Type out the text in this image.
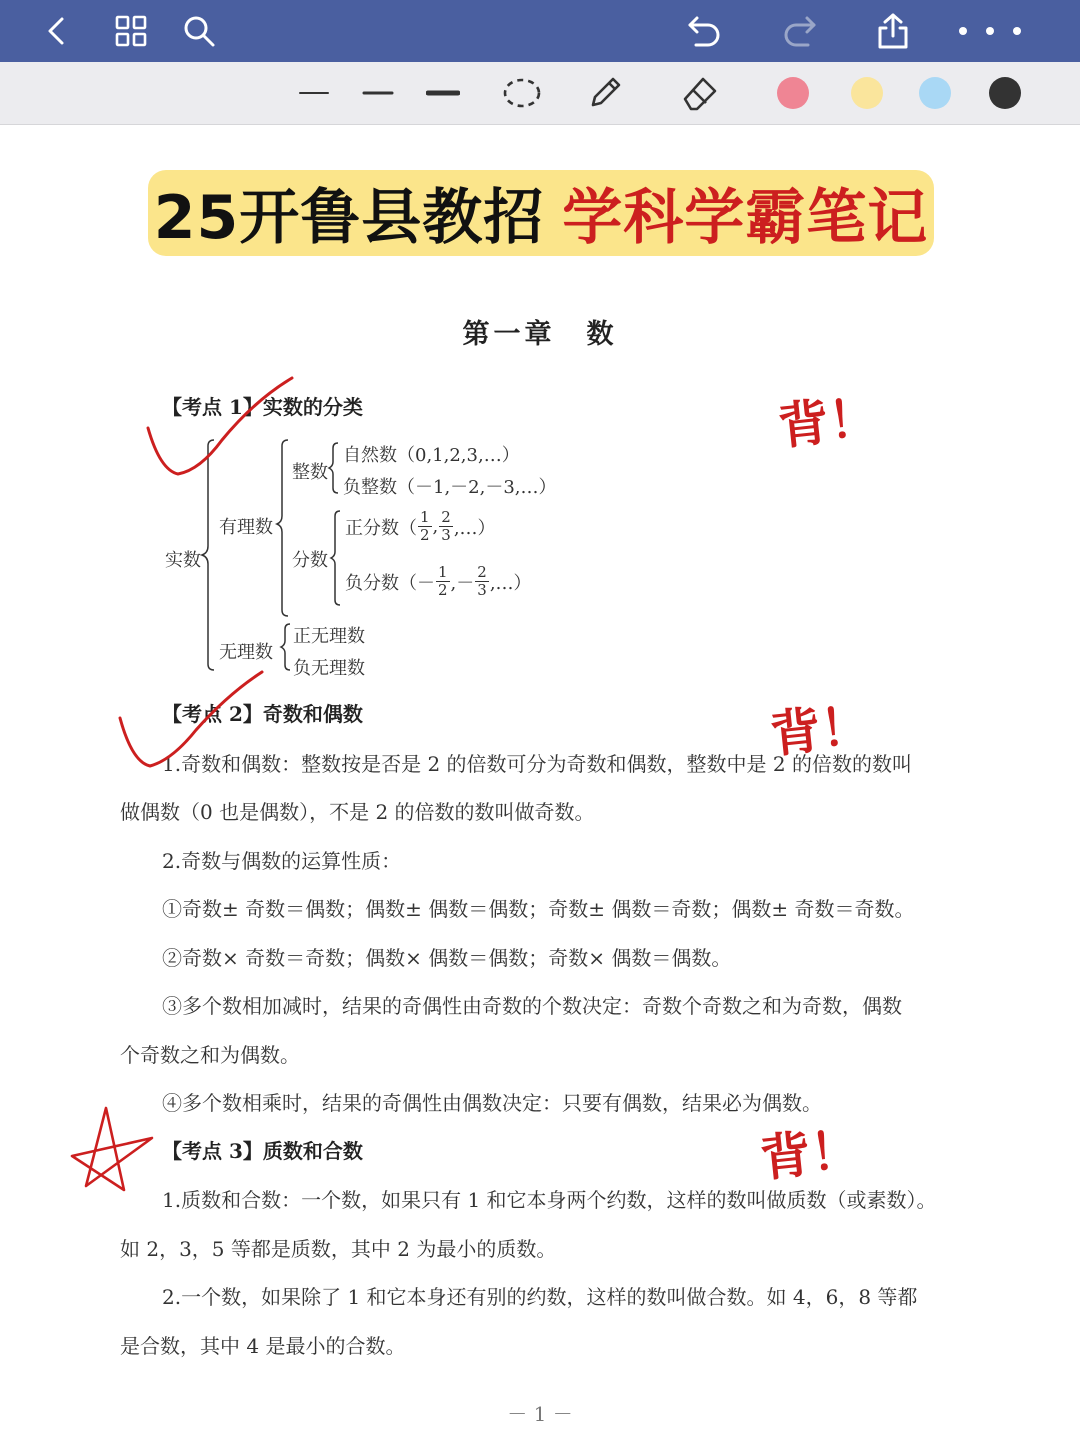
25开鲁县教招 学科学霸笔记
第一章　数
【考点 1】实数的分类
实数
有理数
整数
自然数（0,1,2,3,…）
负整数（－1,－2,－3,…）
分数
正分数（ $\frac{1}{2}$ , $\frac{2}{3}$ ,…）
负分数（－ $\frac{1}{2}$ ,－ $\frac{2}{3}$ ,…）
无理数
正无理数
负无理数
【考点 2】奇数和偶数
1.奇数和偶数：整数按是否是 2 的倍数可分为奇数和偶数，整数中是 2 的倍数的数叫
做偶数（0 也是偶数），不是 2 的倍数的数叫做奇数。
2.奇数与偶数的运算性质：
①奇数± 奇数＝偶数；偶数± 偶数＝偶数；奇数± 偶数＝奇数；偶数± 奇数＝奇数。
②奇数× 奇数＝奇数；偶数× 偶数＝偶数；奇数× 偶数＝偶数。
③多个数相加减时，结果的奇偶性由奇数的个数决定：奇数个奇数之和为奇数，偶数
个奇数之和为偶数。
④多个数相乘时，结果的奇偶性由偶数决定：只要有偶数，结果必为偶数。
【考点 3】质数和合数
1.质数和合数：一个数，如果只有 1 和它本身两个约数，这样的数叫做质数（或素数）。
如 2，3，5 等都是质数，其中 2 为最小的质数。
2.一个数，如果除了 1 和它本身还有别的约数，这样的数叫做合数。如 4，6，8 等都
是合数，其中 4 是最小的合数。
－ 1 －
背！
背！
背！
